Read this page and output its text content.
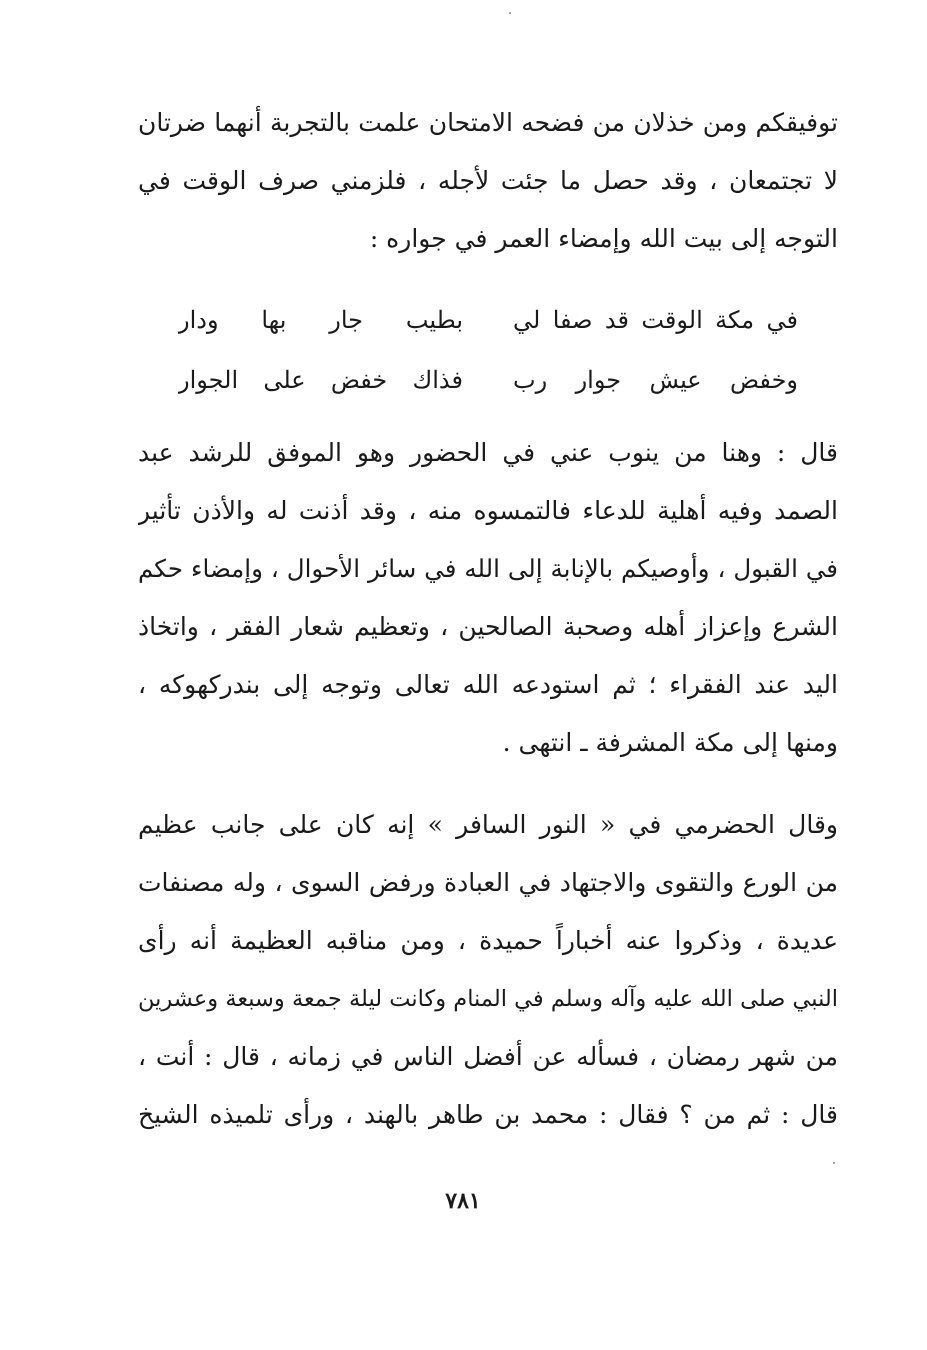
توفيقكم ومن خذلان من فضحه الامتحان علمت بالتجربة أنهما ضرتان
لا تجتمعان ، وقد حصل ما جئت لأجله ، فلزمني صرف الوقت في
التوجه إلى بيت الله وإمضاء العمر في جواره :
في مكة الوقت قد صفا لي
بطيب جار بها ودار
وخفض عيش جوار رب
فذاك خفض على الجوار
قال : وهنا من ينوب عني في الحضور وهو الموفق للرشد عبد
الصمد وفيه أهلية للدعاء فالتمسوه منه ، وقد أذنت له والأذن تأثير
في القبول ، وأوصيكم بالإنابة إلى الله في سائر الأحوال ، وإمضاء حكم
الشرع وإعزاز أهله وصحبة الصالحين ، وتعظيم شعار الفقر ، واتخاذ
اليد عند الفقراء ؛ ثم استودعه الله تعالى وتوجه إلى بندركهوكه ،
ومنها إلى مكة المشرفة ـ انتهى .
وقال الحضرمي في « النور السافر » إنه كان على جانب عظيم
من الورع والتقوى والاجتهاد في العبادة ورفض السوى ، وله مصنفات
عديدة ، وذكروا عنه أخباراً حميدة ، ومن مناقبه العظيمة أنه رأى
النبي صلى الله عليه وآله وسلم في المنام وكانت ليلة جمعة وسبعة وعشرين
من شهر رمضان ، فسأله عن أفضل الناس في زمانه ، قال : أنت ،
قال : ثم من ؟ فقال : محمد بن طاهر بالهند ، ورأى تلميذه الشيخ
٧٨١
